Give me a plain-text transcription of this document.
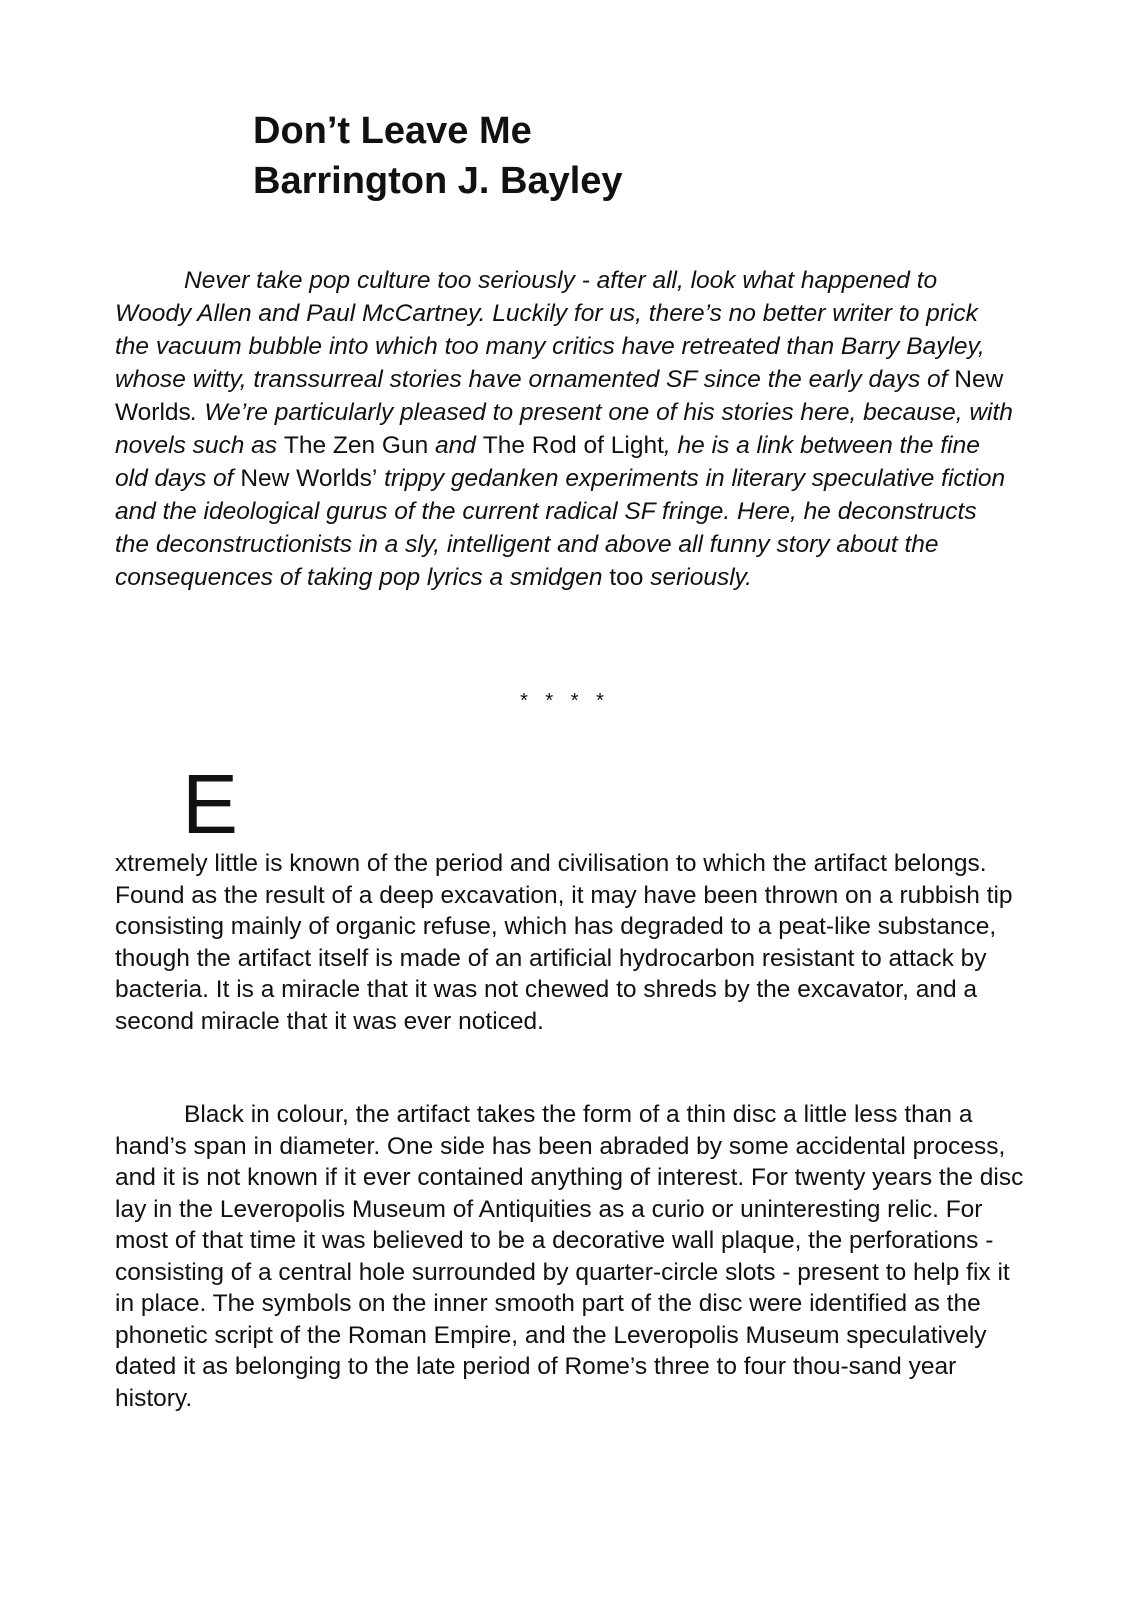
Don’t Leave Me
Barrington J. Bayley

Never take pop culture too seriously - after all, look what happened to Woody Allen and Paul McCartney. Luckily for us, there’s no better writer to prick the vacuum bubble into which too many critics have retreated than Barry Bayley, whose witty, transsurreal stories have ornamented SF since the early days of New Worlds. We’re particularly pleased to present one of his stories here, because, with novels such as The Zen Gun and The Rod of Light, he is a link between the fine old days of New Worlds’ trippy gedanken experiments in literary speculative fiction and the ideological gurus of the current radical SF fringe. Here, he deconstructs the deconstructionists in a sly, intelligent and above all funny story about the consequences of taking pop lyrics a smidgen too seriously.

* * * *

E

xtremely little is known of the period and civilisation to which the artifact belongs. Found as the result of a deep excavation, it may have been thrown on a rubbish tip consisting mainly of organic refuse, which has degraded to a peat-like substance, though the artifact itself is made of an artificial hydrocarbon resistant to attack by bacteria. It is a miracle that it was not chewed to shreds by the excavator, and a second miracle that it was ever noticed.

Black in colour, the artifact takes the form of a thin disc a little less than a hand’s span in diameter. One side has been abraded by some accidental process, and it is not known if it ever contained anything of interest. For twenty years the disc lay in the Leveropolis Museum of Antiquities as a curio or uninteresting relic. For most of that time it was believed to be a decorative wall plaque, the perforations - consisting of a central hole surrounded by quarter-circle slots - present to help fix it in place. The symbols on the inner smooth part of the disc were identified as the phonetic script of the Roman Empire, and the Leveropolis Museum speculatively dated it as belonging to the late period of Rome’s three to four thou-sand year history.
